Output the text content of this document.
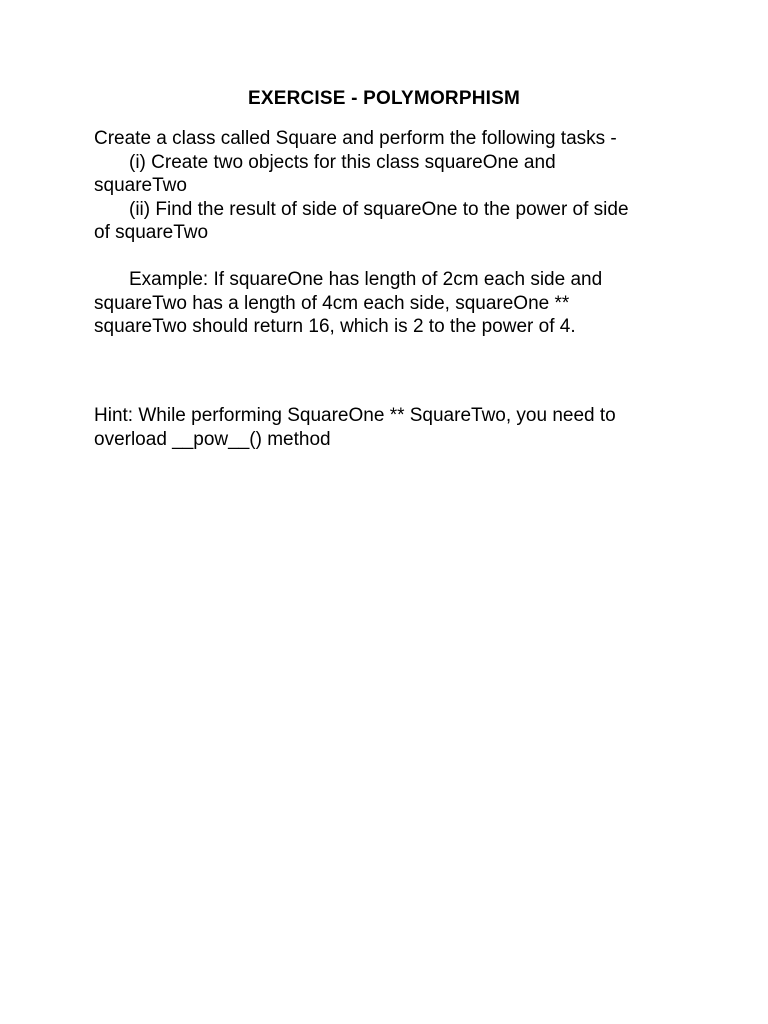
EXERCISE - POLYMORPHISM
Create a class called Square and perform the following tasks -
(i) Create two objects for this class squareOne and
squareTwo
(ii) Find the result of side of squareOne to the power of side
of squareTwo
Example: If squareOne has length of 2cm each side and
squareTwo has a length of 4cm each side, squareOne **
squareTwo should return 16, which is 2 to the power of 4.
Hint: While performing SquareOne ** SquareTwo, you need to
overload __pow__() method
